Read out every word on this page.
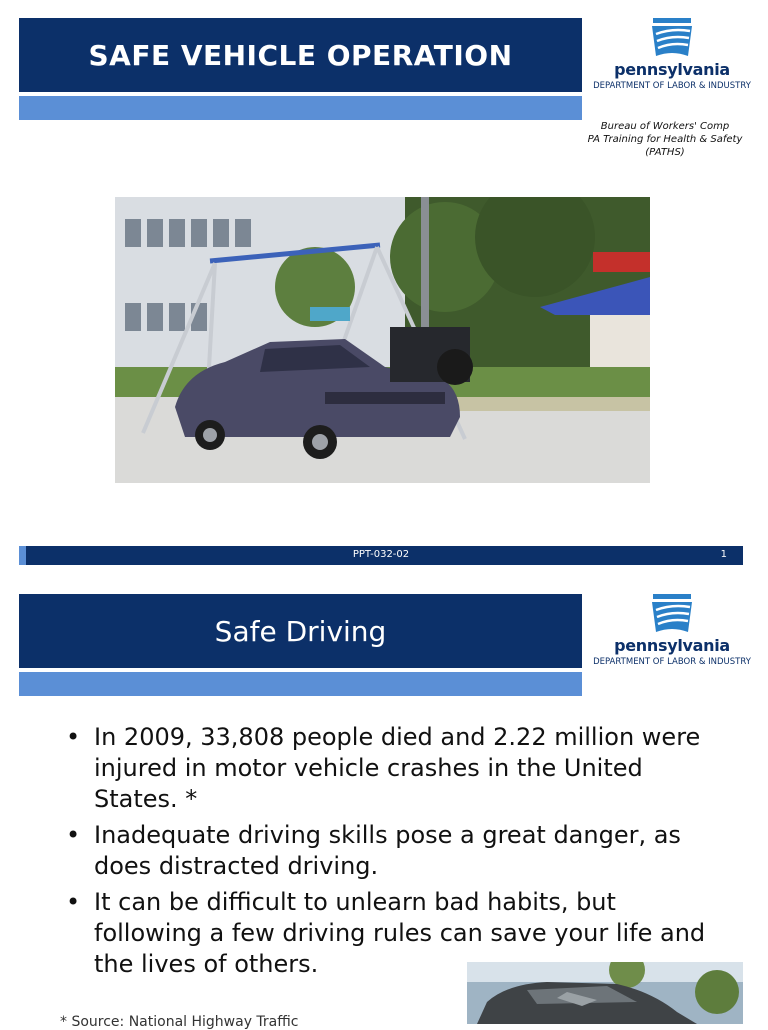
SAFE VEHICLE OPERATION	pennsylvania
DEPARTMENT OF LABOR & INDUSTRY
Bureau of Workers' Comp
PA Training for Health & Safety
(PATHS)
PPT-032-02	1
Safe Driving	pennsylvania
DEPARTMENT OF LABOR & INDUSTRY
• In 2009, 33,808 people died and 2.22 million were injured in motor vehicle crashes in the United States. *
• Inadequate driving skills pose a great danger, as does distracted driving.
• It can be difficult to unlearn bad habits, but following a few driving rules can save your life and the lives of others.
* Source: National Highway Traffic
